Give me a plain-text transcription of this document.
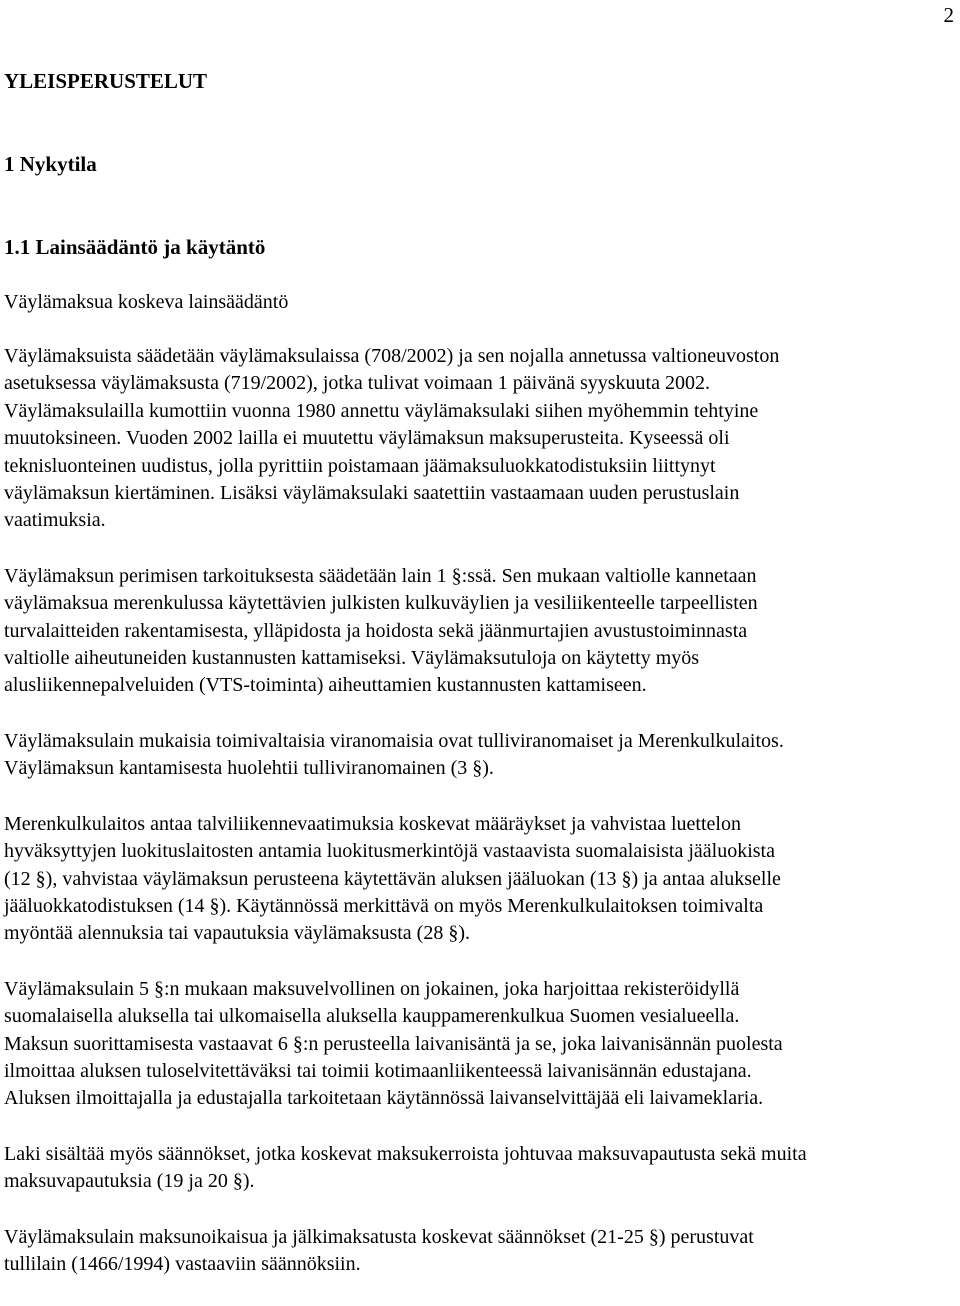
2
YLEISPERUSTELUT
1 Nykytila
1.1 Lainsäädäntö ja käytäntö

Väylämaksua koskeva lainsäädäntö

Väylämaksuista säädetään väylämaksulaissa (708/2002) ja sen nojalla annetussa valtioneuvoston
asetuksessa väylämaksusta (719/2002), jotka tulivat voimaan 1 päivänä syyskuuta 2002.
Väylämaksulailla kumottiin vuonna 1980 annettu väylämaksulaki siihen myöhemmin tehtyine
muutoksineen. Vuoden 2002 lailla ei muutettu väylämaksun maksuperusteita. Kyseessä oli
teknisluonteinen uudistus, jolla pyrittiin poistamaan jäämaksuluokkatodistuksiin liittynyt
väylämaksun kiertäminen. Lisäksi väylämaksulaki saatettiin vastaamaan uuden perustuslain
vaatimuksia.

Väylämaksun perimisen tarkoituksesta säädetään lain 1 §:ssä. Sen mukaan valtiolle kannetaan
väylämaksua merenkulussa käytettävien julkisten kulkuväylien ja vesiliikenteelle tarpeellisten
turvalaitteiden rakentamisesta, ylläpidosta ja hoidosta sekä jäänmurtajien avustustoiminnasta
valtiolle aiheutuneiden kustannusten kattamiseksi. Väylämaksutuloja on käytetty myös
alusliikennepalveluiden (VTS-toiminta) aiheuttamien kustannusten kattamiseen.

Väylämaksulain mukaisia toimivaltaisia viranomaisia ovat tulliviranomaiset ja Merenkulkulaitos.
Väylämaksun kantamisesta huolehtii tulliviranomainen (3 §).

Merenkulkulaitos antaa talviliikennevaatimuksia koskevat määräykset ja vahvistaa luettelon
hyväksyttyjen luokituslaitosten antamia luokitusmerkintöjä vastaavista suomalaisista jääluokista
(12 §), vahvistaa väylämaksun perusteena käytettävän aluksen jääluokan (13 §) ja antaa alukselle
jääluokkatodistuksen (14 §). Käytännössä merkittävä on myös Merenkulkulaitoksen toimivalta
myöntää alennuksia tai vapautuksia väylämaksusta (28 §).

Väylämaksulain 5 §:n mukaan maksuvelvollinen on jokainen, joka harjoittaa rekisteröidyllä
suomalaisella aluksella tai ulkomaisella aluksella kauppamerenkulkua Suomen vesialueella.
Maksun suorittamisesta vastaavat 6 §:n perusteella laivanisäntä ja se, joka laivanisännän puolesta
ilmoittaa aluksen tuloselvitettäväksi tai toimii kotimaanliikenteessä laivanisännän edustajana.
Aluksen ilmoittajalla ja edustajalla tarkoitetaan käytännössä laivanselvittäjää eli laivameklaria.

Laki sisältää myös säännökset, jotka koskevat maksukerroista johtuvaa maksuvapautusta sekä muita
maksuvapautuksia (19 ja 20 §).

Väylämaksulain maksunoikaisua ja jälkimaksatusta koskevat säännökset (21-25 §) perustuvat
tullilain (1466/1994) vastaaviin säännöksiin.
